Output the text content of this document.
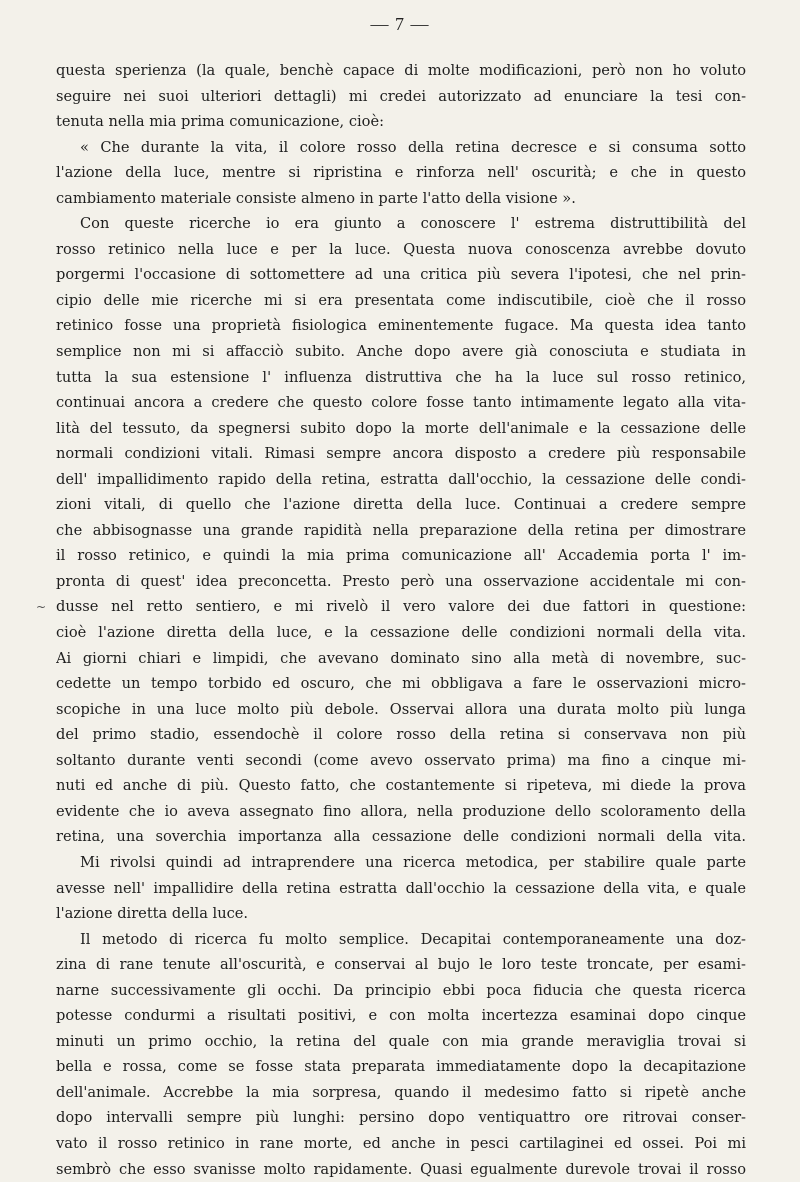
— 7 —
questa sperienza (la quale, benchè capace di molte modificazioni, però non ho voluto
seguire nei suoi ulteriori dettagli) mi credei autorizzato ad enunciare la tesi con-
tenuta nella mia prima comunicazione, cioè:
« Che durante la vita, il colore rosso della retina decresce e si consuma sotto
l'azione della luce, mentre si ripristina e rinforza nell' oscurità; e che in questo
cambiamento materiale consiste almeno in parte l'atto della visione ».
Con queste ricerche io era giunto a conoscere l' estrema distruttibilità del
rosso retinico nella luce e per la luce. Questa nuova conoscenza avrebbe dovuto
porgermi l'occasione di sottomettere ad una critica più severa l'ipotesi, che nel prin-
cipio delle mie ricerche mi si era presentata come indiscutibile, cioè che il rosso
retinico fosse una proprietà fisiologica eminentemente fugace. Ma questa idea tanto
semplice non mi si affacciò subito. Anche dopo avere già conosciuta e studiata in
tutta la sua estensione l' influenza distruttiva che ha la luce sul rosso retinico,
continuai ancora a credere che questo colore fosse tanto intimamente legato alla vita-
lità del tessuto, da spegnersi subito dopo la morte dell'animale e la cessazione delle
normali condizioni vitali. Rimasi sempre ancora disposto a credere più responsabile
dell' impallidimento rapido della retina, estratta dall'occhio, la cessazione delle condi-
zioni vitali, di quello che l'azione diretta della luce. Continuai a credere sempre
che abbisognasse una grande rapidità nella preparazione della retina per dimostrare
il rosso retinico, e quindi la mia prima comunicazione all' Accademia porta l' im-
pronta di quest' idea preconcetta. Presto però una osservazione accidentale mi con-
dusse nel retto sentiero, e mi rivelò il vero valore dei due fattori in questione:
cioè l'azione diretta della luce, e la cessazione delle condizioni normali della vita.
Ai giorni chiari e limpidi, che avevano dominato sino alla metà di novembre, suc-
cedette un tempo torbido ed oscuro, che mi obbligava a fare le osservazioni micro-
scopiche in una luce molto più debole. Osservai allora una durata molto più lunga
del primo stadio, essendochè il colore rosso della retina si conservava non più
soltanto durante venti secondi (come avevo osservato prima) ma fino a cinque mi-
nuti ed anche di più. Questo fatto, che costantemente si ripeteva, mi diede la prova
evidente che io aveva assegnato fino allora, nella produzione dello scoloramento della
retina, una soverchia importanza alla cessazione delle condizioni normali della vita.
Mi rivolsi quindi ad intraprendere una ricerca metodica, per stabilire quale parte
avesse nell' impallidire della retina estratta dall'occhio la cessazione della vita, e quale
l'azione diretta della luce.
Il metodo di ricerca fu molto semplice. Decapitai contemporaneamente una doz-
zina di rane tenute all'oscurità, e conservai al bujo le loro teste troncate, per esami-
narne successivamente gli occhi. Da principio ebbi poca fiducia che questa ricerca
potesse condurmi a risultati positivi, e con molta incertezza esaminai dopo cinque
minuti un primo occhio, la retina del quale con mia grande meraviglia trovai si
bella e rossa, come se fosse stata preparata immediatamente dopo la decapitazione
dell'animale. Accrebbe la mia sorpresa, quando il medesimo fatto si ripetè anche
dopo intervalli sempre più lunghi: persino dopo ventiquattro ore ritrovai conser-
vato il rosso retinico in rane morte, ed anche in pesci cartilaginei ed ossei. Poi mi
sembrò che esso svanisse molto rapidamente. Quasi egualmente durevole trovai il rosso
~
